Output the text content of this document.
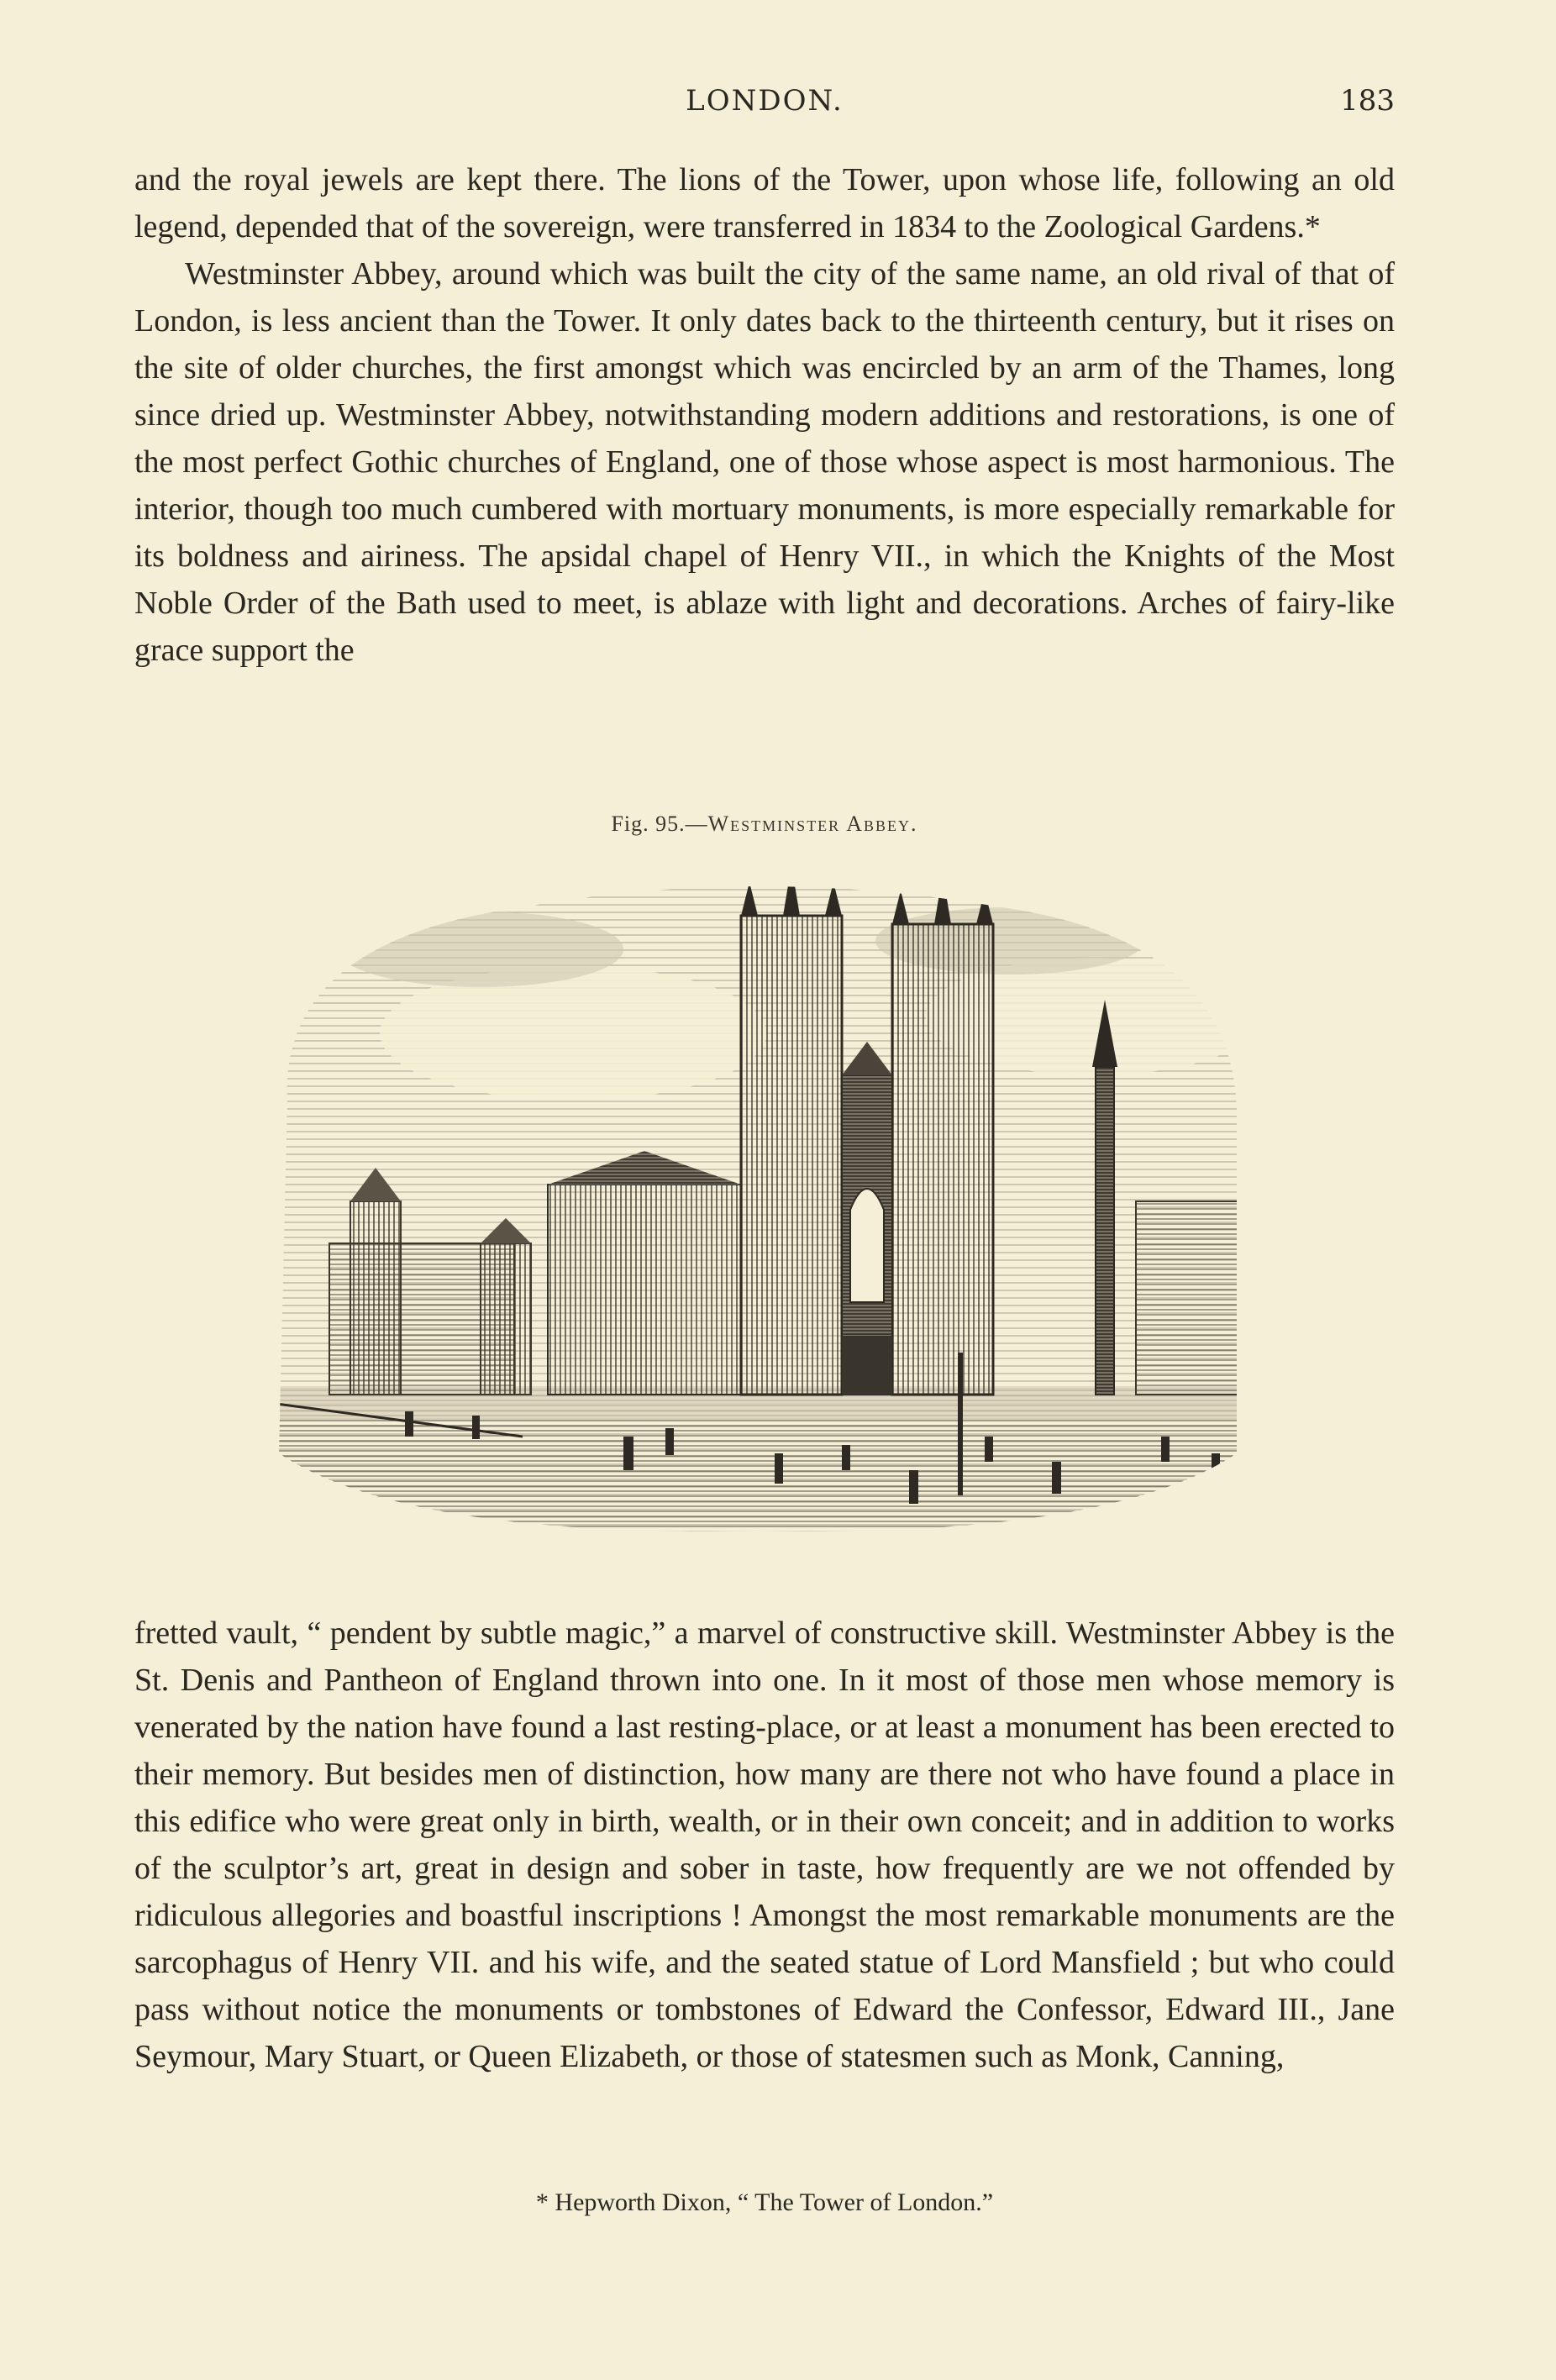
LONDON.	183

and the royal jewels are kept there. The lions of the Tower, upon whose life, following an old legend, depended that of the sovereign, were transferred in 1834 to the Zoological Gardens.*

Westminster Abbey, around which was built the city of the same name, an old rival of that of London, is less ancient than the Tower. It only dates back to the thirteenth century, but it rises on the site of older churches, the first amongst which was encircled by an arm of the Thames, long since dried up. Westminster Abbey, notwithstanding modern additions and restorations, is one of the most perfect Gothic churches of England, one of those whose aspect is most harmonious. The interior, though too much cumbered with mortuary monuments, is more especially remarkable for its boldness and airiness. The apsidal chapel of Henry VII., in which the Knights of the Most Noble Order of the Bath used to meet, is ablaze with light and decorations. Arches of fairy-like grace support the

Fig. 95.—Westminster Abbey.

fretted vault, “ pendent by subtle magic,” a marvel of constructive skill. Westminster Abbey is the St. Denis and Pantheon of England thrown into one. In it most of those men whose memory is venerated by the nation have found a last resting-place, or at least a monument has been erected to their memory. But besides men of distinction, how many are there not who have found a place in this edifice who were great only in birth, wealth, or in their own conceit; and in addition to works of the sculptor’s art, great in design and sober in taste, how frequently are we not offended by ridiculous allegories and boastful inscriptions ! Amongst the most remarkable monuments are the sarcophagus of Henry VII. and his wife, and the seated statue of Lord Mansfield ; but who could pass without notice the monuments or tombstones of Edward the Confessor, Edward III., Jane Seymour, Mary Stuart, or Queen Elizabeth, or those of statesmen such as Monk, Canning,

* Hepworth Dixon, “ The Tower of London.”
